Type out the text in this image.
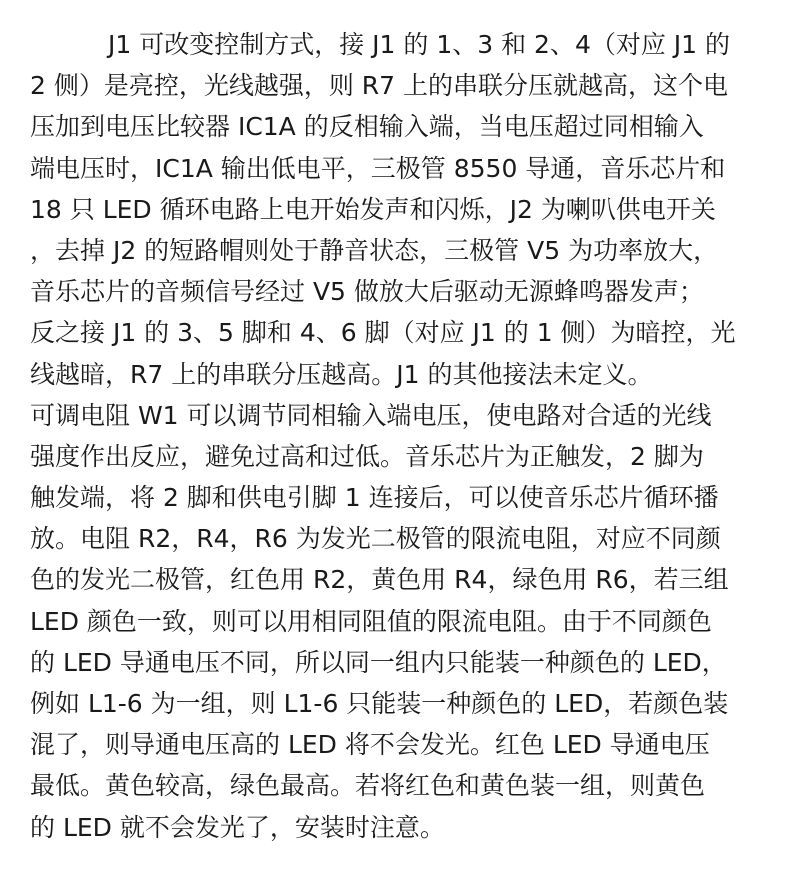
J1 可改变控制方式，接 J1 的 1、3 和 2、4（对应 J1 的
2 侧）是亮控，光线越强，则 R7 上的串联分压就越高，这个电
压加到电压比较器 IC1A 的反相输入端，当电压超过同相输入
端电压时，IC1A 输出低电平，三极管 8550 导通，音乐芯片和
18 只 LED 循环电路上电开始发声和闪烁，J2 为喇叭供电开关
，去掉 J2 的短路帽则处于静音状态，三极管 V5 为功率放大，
音乐芯片的音频信号经过 V5 做放大后驱动无源蜂鸣器发声；
反之接 J1 的 3、5 脚和 4、6 脚（对应 J1 的 1 侧）为暗控，光
线越暗，R7 上的串联分压越高。J1 的其他接法未定义。
可调电阻 W1 可以调节同相输入端电压，使电路对合适的光线
强度作出反应，避免过高和过低。音乐芯片为正触发，2 脚为
触发端，将 2 脚和供电引脚 1 连接后，可以使音乐芯片循环播
放。电阻 R2，R4，R6 为发光二极管的限流电阻，对应不同颜
色的发光二极管，红色用 R2，黄色用 R4，绿色用 R6，若三组
LED 颜色一致，则可以用相同阻值的限流电阻。由于不同颜色
的 LED 导通电压不同，所以同一组内只能装一种颜色的 LED，
例如 L1-6 为一组，则 L1-6 只能装一种颜色的 LED，若颜色装
混了，则导通电压高的 LED 将不会发光。红色 LED 导通电压
最低。黄色较高，绿色最高。若将红色和黄色装一组，则黄色
的 LED 就不会发光了，安装时注意。
